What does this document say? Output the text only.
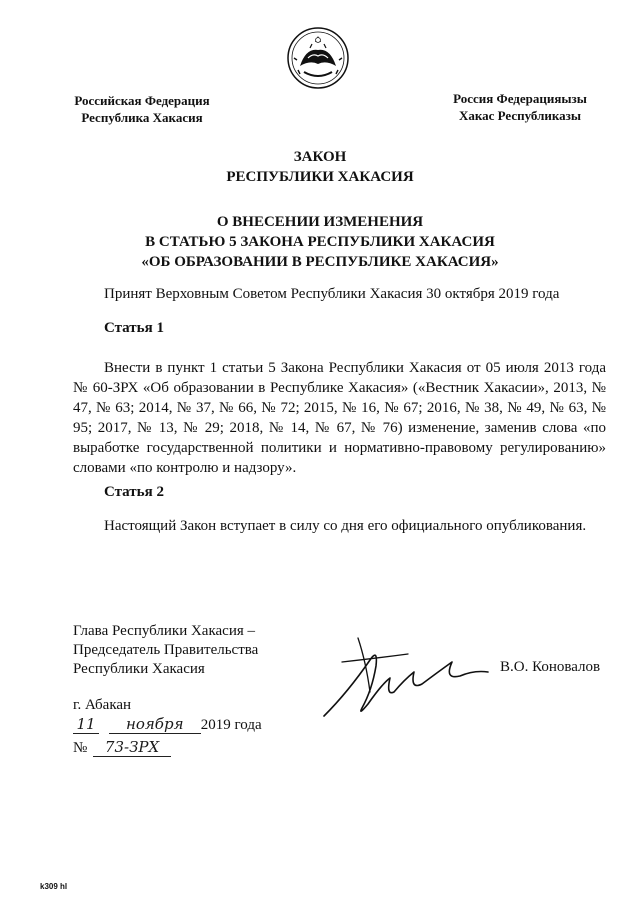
Российская Федерация
Республика Хакасия
Россия Федерацияызы
Хакас Республиказы
ЗАКОН
РЕСПУБЛИКИ ХАКАСИЯ
О ВНЕСЕНИИ ИЗМЕНЕНИЯ
В СТАТЬЮ 5 ЗАКОНА РЕСПУБЛИКИ ХАКАСИЯ
«ОБ ОБРАЗОВАНИИ В РЕСПУБЛИКЕ ХАКАСИЯ»
Принят Верховным Советом Республики Хакасия 30 октября 2019 года
Статья 1
Внести в пункт 1 статьи 5 Закона Республики Хакасия от 05 июля 2013 года № 60-ЗРХ «Об образовании в Республике Хакасия» («Вестник Хакасии», 2013, № 47, № 63; 2014, № 37, № 66, № 72; 2015, № 16, № 67; 2016, № 38, № 49, № 63, № 95; 2017, № 13, № 29; 2018, № 14, № 67, № 76) изменение, заменив слова «по выработке государственной политики и нормативно-правовому регулированию» словами «по контролю и надзору».
Статья 2
Настоящий Закон вступает в силу со дня его официального опубликования.
Глава Республики Хакасия –
Председатель Правительства
Республики Хакасия	В.О. Коновалов
г. Абакан
11 ноября 2019 года
№ 73-ЗРХ
k309 hl
